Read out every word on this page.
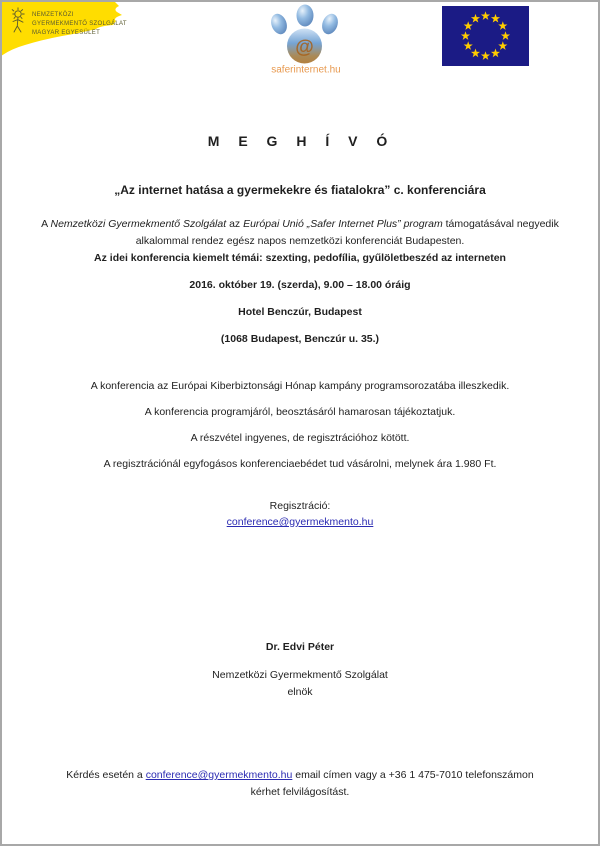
NEMZETKÖZI
GYERMEKMENTŐ SZOLGÁLAT
MAGYAR EGYESÜLET
@
saferinternet.hu
M E G H Í V Ó
„Az internet hatása a gyermekekre és fiatalokra” c. konferenciára
A Nemzetközi Gyermekmentő Szolgálat az Európai Unió „Safer Internet Plus” program támogatásával negyedik alkalommal rendez egész napos nemzetközi konferenciát Budapesten.
Az idei konferencia kiemelt témái: szexting, pedofília, gyűlöletbeszéd az interneten
2016. október 19. (szerda), 9.00 – 18.00 óráig
Hotel Benczúr, Budapest
(1068 Budapest, Benczúr u. 35.)
A konferencia az Európai Kiberbiztonsági Hónap kampány programsorozatába illeszkedik.
A konferencia programjáról, beosztásáról hamarosan tájékoztatjuk.
A részvétel ingyenes, de regisztrációhoz kötött.
A regisztrációnál egyfogásos konferenciaebédet tud vásárolni, melynek ára 1.980 Ft.
Regisztráció:
conference@gyermekmento.hu
Dr. Edvi Péter
Nemzetközi Gyermekmentő Szolgálat
elnök
Kérdés esetén a conference@gyermekmento.hu email címen vagy a +36 1 475-7010 telefonszámon kérhet felvilágosítást.
